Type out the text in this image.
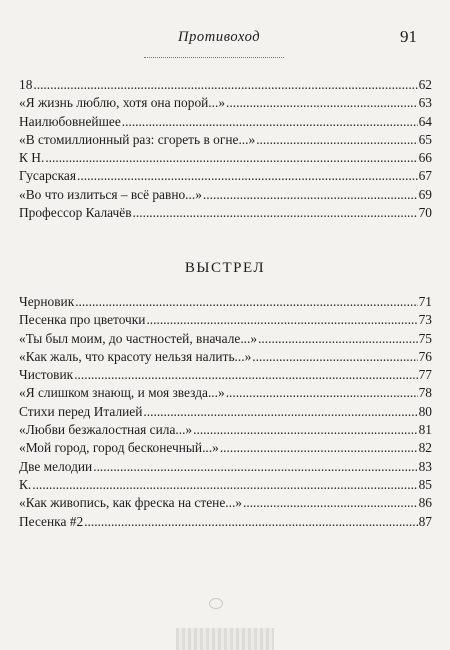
Противоход	91
18 .....	62
«Я жизнь люблю, хотя она порой...» .....	63
Наилюбовнейшее .....	64
«В стомиллионный раз: сгореть в огне...» .....	65
К Н. .....	66
Гусарская .....	67
«Во что излиться – всё равно...» .....	69
Профессор Калачёв .....	70
ВЫСТРЕЛ
Черновик .....	71
Песенка про цветочки .....	73
«Ты был моим, до частностей, вначале...» .....	75
«Как жаль, что красоту нельзя налить...» .....	76
Чистовик .....	77
«Я слишком знающ, и моя звезда...» .....	78
Стихи перед Италией .....	80
«Любви безжалостная сила...» .....	81
«Мой город, город бесконечный...» .....	82
Две мелодии .....	83
К. .....	85
«Как живопись, как фреска на стене...» .....	86
Песенка #2 .....	87
